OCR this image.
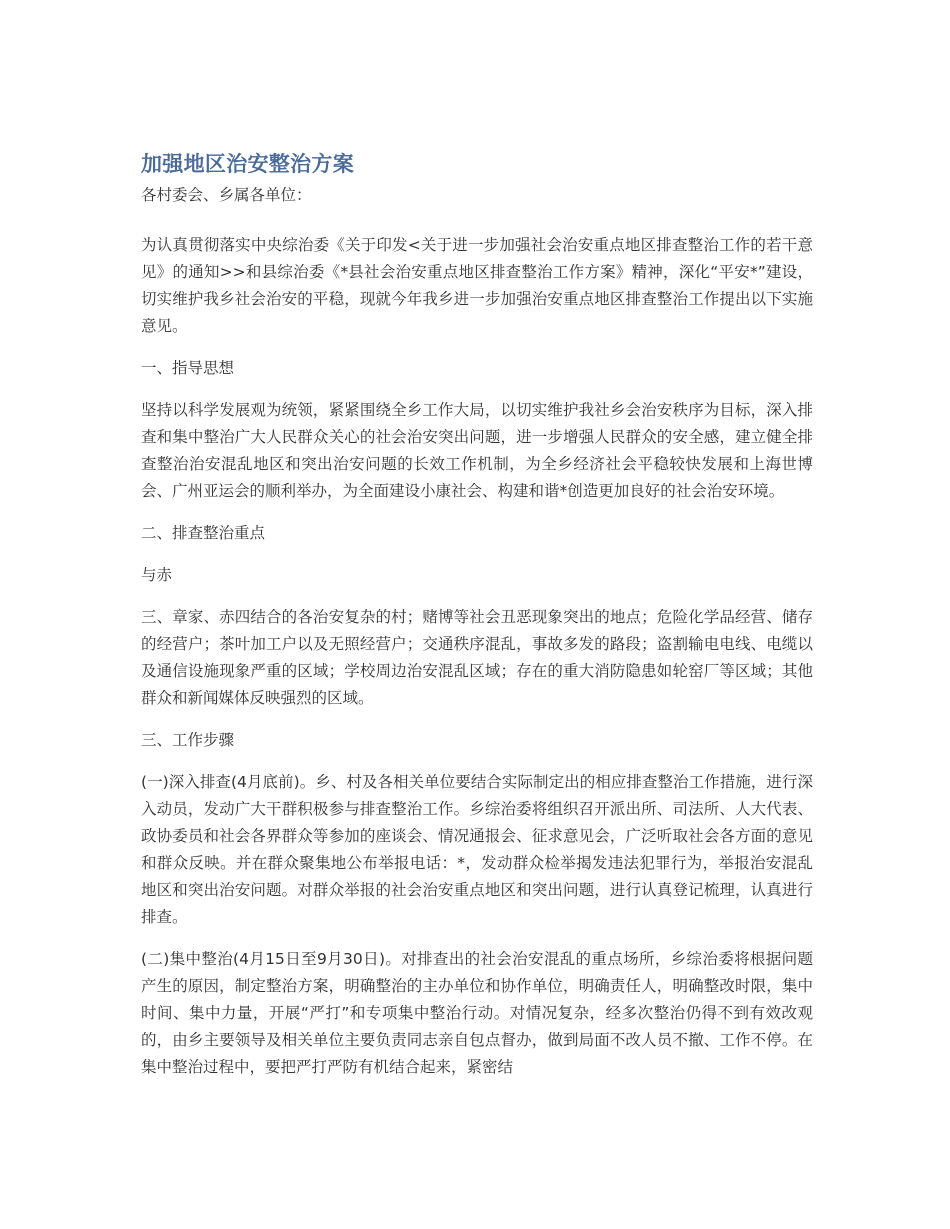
加强地区治安整治方案

各村委会、乡属各单位：

为认真贯彻落实中央综治委《关于印发<关于进一步加强社会治安重点地区排查整治工作的若干意见》的通知>>和县综治委《*县社会治安重点地区排查整治工作方案》精神，深化“平安*”建设，切实维护我乡社会治安的平稳，现就今年我乡进一步加强治安重点地区排查整治工作提出以下实施意见。

一、指导思想

坚持以科学发展观为统领，紧紧围绕全乡工作大局，以切实维护我社乡会治安秩序为目标，深入排查和集中整治广大人民群众关心的社会治安突出问题，进一步增强人民群众的安全感，建立健全排查整治治安混乱地区和突出治安问题的长效工作机制，为全乡经济社会平稳较快发展和上海世博会、广州亚运会的顺利举办，为全面建设小康社会、构建和谐*创造更加良好的社会治安环境。

二、排查整治重点

与赤

三、章家、赤四结合的各治安复杂的村；赌博等社会丑恶现象突出的地点；危险化学品经营、储存的经营户；茶叶加工户以及无照经营户；交通秩序混乱，事故多发的路段；盗割输电电线、电缆以及通信设施现象严重的区域；学校周边治安混乱区域；存在的重大消防隐患如轮窑厂等区域；其他群众和新闻媒体反映强烈的区域。

三、工作步骤

(一)深入排查(4月底前)。乡、村及各相关单位要结合实际制定出的相应排查整治工作措施，进行深入动员，发动广大干群积极参与排查整治工作。乡综治委将组织召开派出所、司法所、人大代表、政协委员和社会各界群众等参加的座谈会、情况通报会、征求意见会，广泛听取社会各方面的意见和群众反映。并在群众聚集地公布举报电话：*，发动群众检举揭发违法犯罪行为，举报治安混乱地区和突出治安问题。对群众举报的社会治安重点地区和突出问题，进行认真登记梳理，认真进行排查。

(二)集中整治(4月15日至9月30日)。对排查出的社会治安混乱的重点场所，乡综治委将根据问题产生的原因，制定整治方案，明确整治的主办单位和协作单位，明确责任人，明确整改时限，集中时间、集中力量，开展“严打”和专项集中整治行动。对情况复杂，经多次整治仍得不到有效改观的，由乡主要领导及相关单位主要负责同志亲自包点督办，做到局面不改人员不撤、工作不停。在集中整治过程中，要把严打严防有机结合起来，紧密结
